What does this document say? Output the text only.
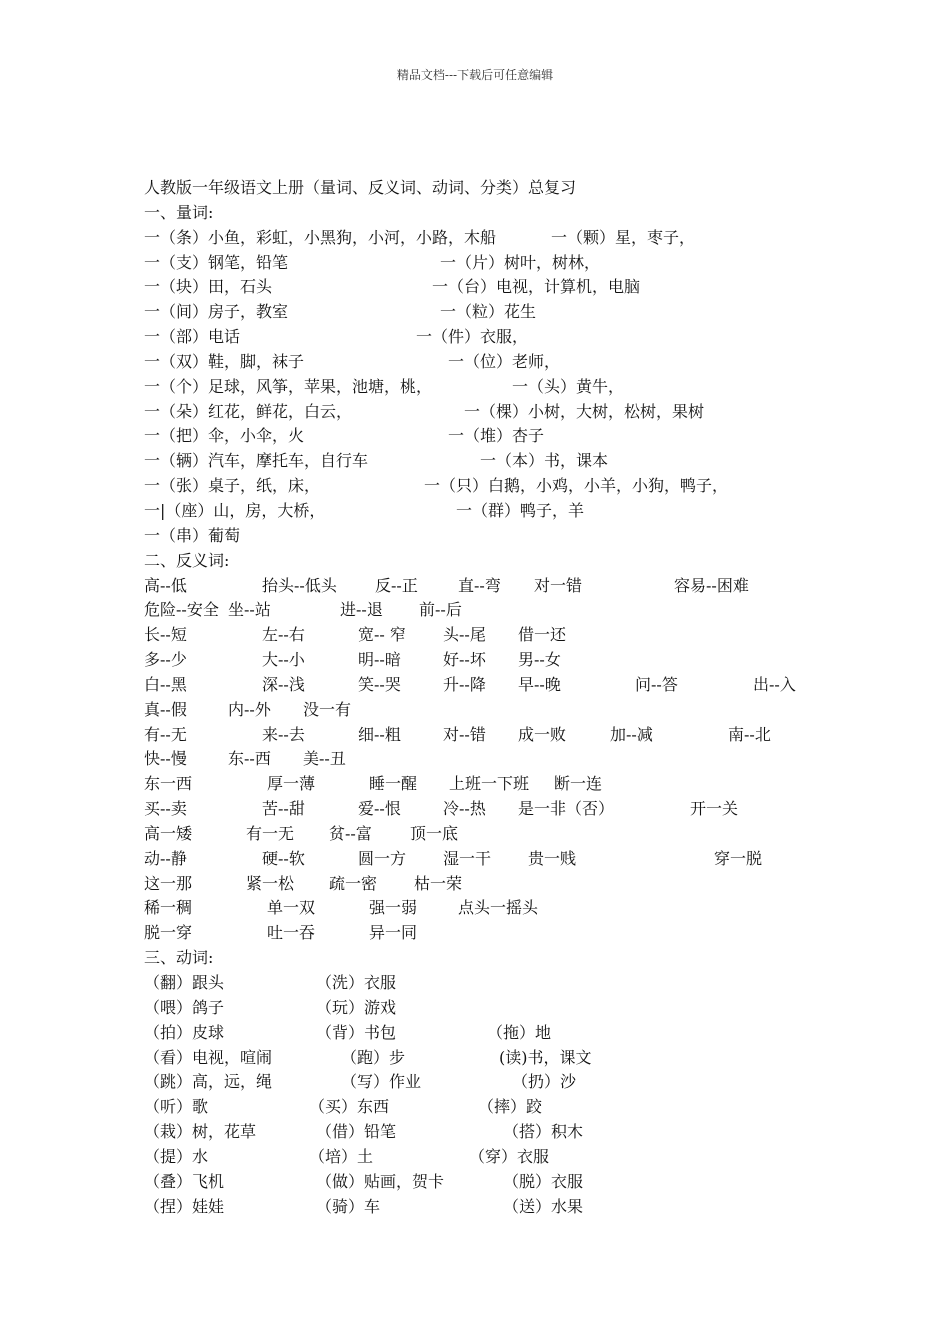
精品文档---下载后可任意编辑
人教版一年级语文上册（量词、反义词、动词、分类）总复习
一、量词:
一（条）小鱼，彩虹，小黑狗，小河，小路，木船	一（颗）星，枣子，
一（支）钢笔，铅笔	一（片）树叶，树林，
一（块）田，石头	一（台）电视，计算机，电脑
一（间）房子，教室	一（粒）花生
一（部）电话	一（件）衣服，
一（双）鞋，脚，袜子	一（位）老师，
一（个）足球，风筝，苹果，池塘，桃，	一（头）黄牛，
一（朵）红花，鲜花，白云，	一（棵）小树，大树，松树，果树
一（把）伞，小伞，火	一（堆）杏子
一（辆）汽车，摩托车，自行车	一（本）书，课本
一（张）桌子，纸，床，	一（只）白鹅，小鸡，小羊，小狗，鸭子，
一|（座）山，房，大桥，	一（群）鸭子，羊
一（串）葡萄
二、反义词:
高--低	抬头--低头 反--正	直--弯 对一错	容易--困难
危险--安全 坐--站	进--退 前--后
长--短	左--右	宽-- 窄 头--尾 借一还
多--少	大--小	明--暗	好--坏 男--女
白--黑	深--浅	笑--哭	升--降 早--晚	问--答	出--入
真--假	内--外 没一有
有--无	来--去	细--粗	对--错 成一败	加--减	南--北
快--慢	东--西 美--丑
东一西	厚一薄	睡一醒 上班一下班 断一连
买--卖	苦--甜	爱--恨	冷--热 是一非（否）	开一关
高一矮	有一无 贫--富 顶一底
动--静	硬--软	圆一方 湿一干 贵一贱	穿一脱
这一那	紧一松 疏一密 枯一荣
稀一稠	单一双	强一弱	点头一摇头
脱一穿	吐一吞	异一同
三、动词:
（翻）跟头	（洗）衣服
（喂）鸽子	（玩）游戏
（拍）皮球	（背）书包	（拖）地
（看）电视，喧闹	（跑）步	(读)书，课文
（跳）高，远，绳	（写）作业	（扔）沙
（听）歌	（买）东西	（摔）跤
（栽）树，花草	（借）铅笔	（搭）积木
（提）水	（培）土	（穿）衣服
（叠）飞机	（做）贴画，贺卡	（脱）衣服
（捏）娃娃	（骑）车	（送）水果
